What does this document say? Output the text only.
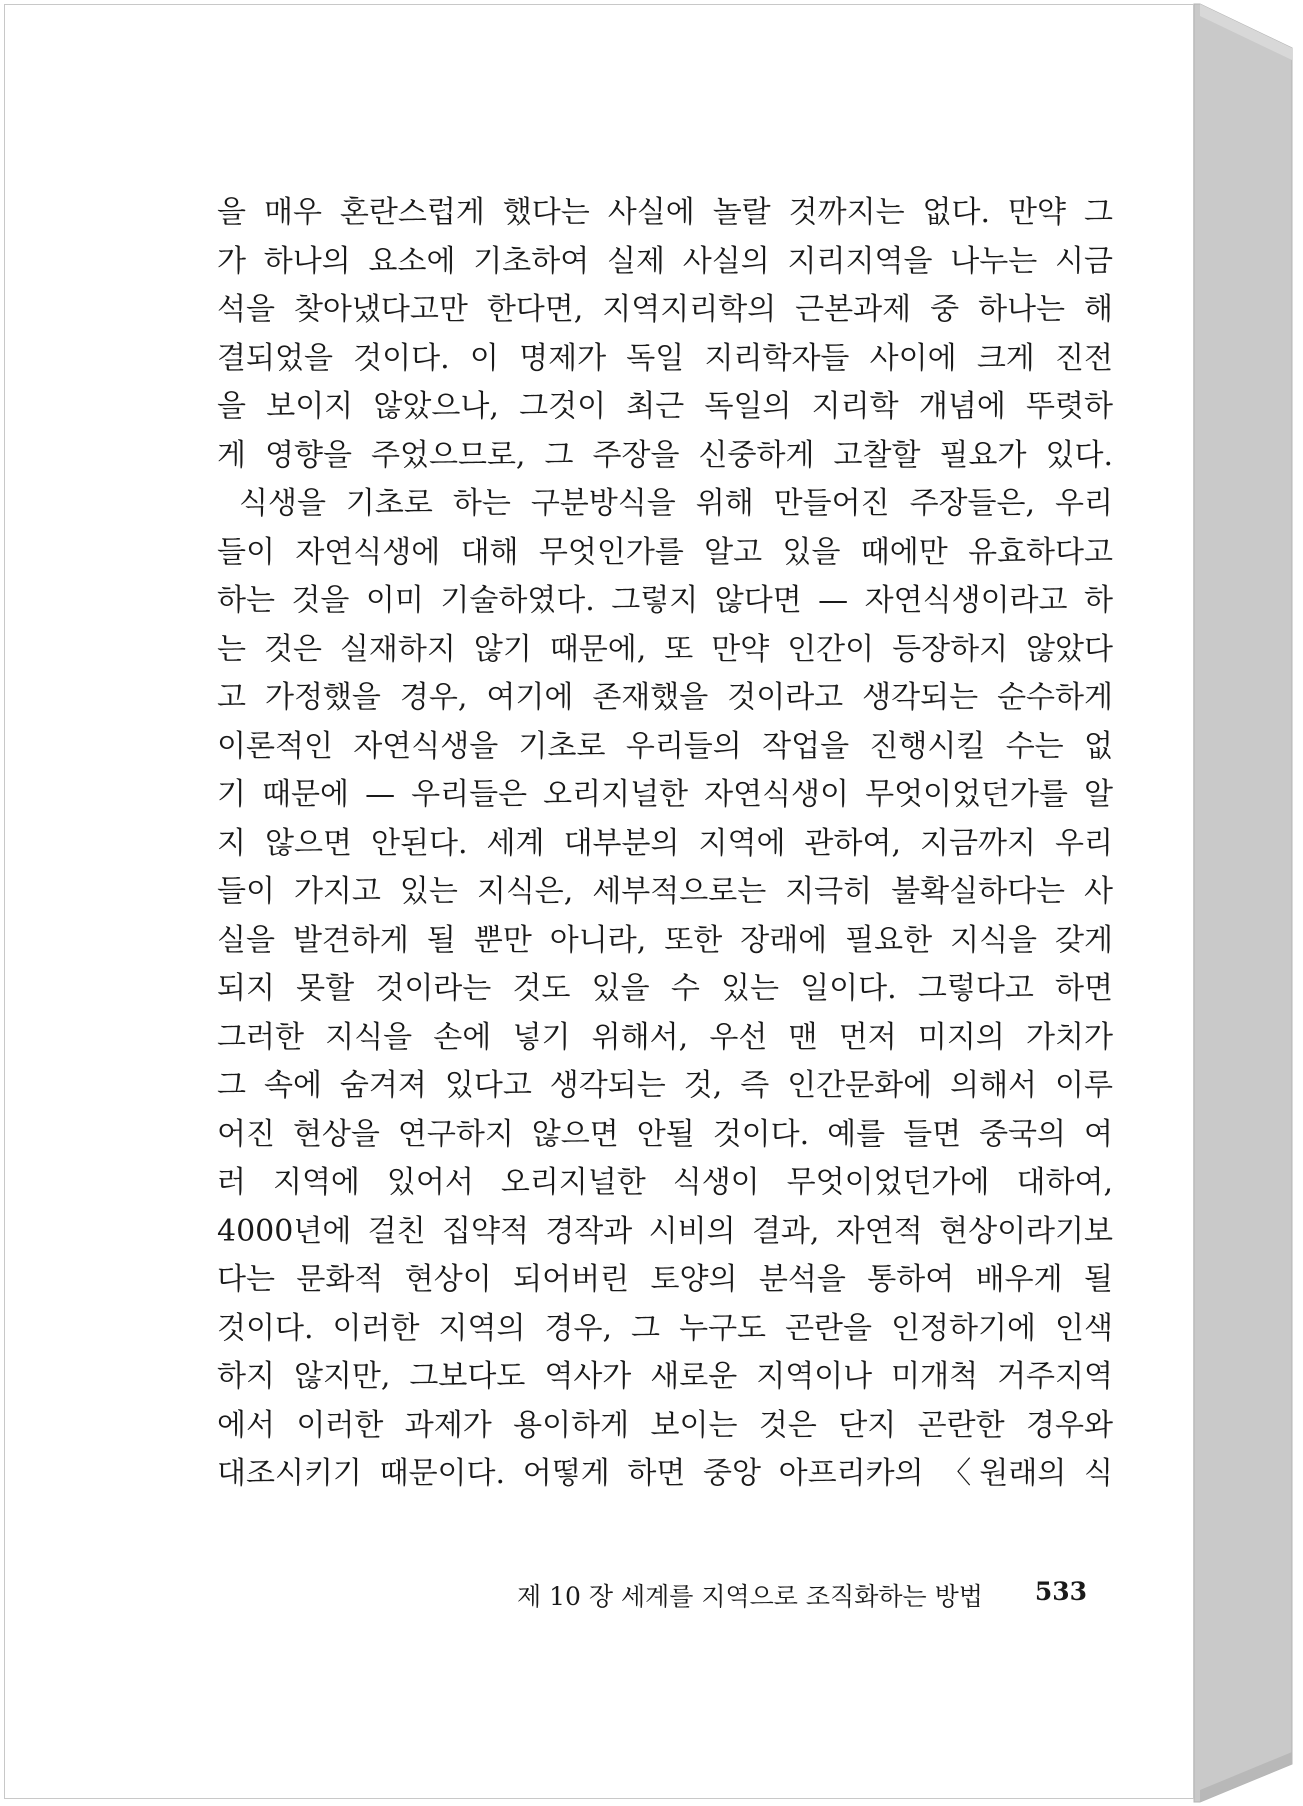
을 매우 혼란스럽게 했다는 사실에 놀랄 것까지는 없다. 만약 그
가 하나의 요소에 기초하여 실제 사실의 지리지역을 나누는 시금
석을 찾아냈다고만 한다면, 지역지리학의 근본과제 중 하나는 해
결되었을 것이다. 이 명제가 독일 지리학자들 사이에 크게 진전
을 보이지 않았으나, 그것이 최근 독일의 지리학 개념에 뚜렷하
게 영향을 주었으므로, 그 주장을 신중하게 고찰할 필요가 있다.
식생을 기초로 하는 구분방식을 위해 만들어진 주장들은, 우리
들이 자연식생에 대해 무엇인가를 알고 있을 때에만 유효하다고
하는 것을 이미 기술하였다. 그렇지 않다면 — 자연식생이라고 하
는 것은 실재하지 않기 때문에, 또 만약 인간이 등장하지 않았다
고 가정했을 경우, 여기에 존재했을 것이라고 생각되는 순수하게
이론적인 자연식생을 기초로 우리들의 작업을 진행시킬 수는 없
기 때문에 — 우리들은 오리지널한 자연식생이 무엇이었던가를 알
지 않으면 안된다. 세계 대부분의 지역에 관하여, 지금까지 우리
들이 가지고 있는 지식은, 세부적으로는 지극히 불확실하다는 사
실을 발견하게 될 뿐만 아니라, 또한 장래에 필요한 지식을 갖게
되지 못할 것이라는 것도 있을 수 있는 일이다. 그렇다고 하면
그러한 지식을 손에 넣기 위해서, 우선 맨 먼저 미지의 가치가
그 속에 숨겨져 있다고 생각되는 것, 즉 인간문화에 의해서 이루
어진 현상을 연구하지 않으면 안될 것이다. 예를 들면 중국의 여
러 지역에 있어서 오리지널한 식생이 무엇이었던가에 대하여,
4000년에 걸친 집약적 경작과 시비의 결과, 자연적 현상이라기보
다는 문화적 현상이 되어버린 토양의 분석을 통하여 배우게 될
것이다. 이러한 지역의 경우, 그 누구도 곤란을 인정하기에 인색
하지 않지만, 그보다도 역사가 새로운 지역이나 미개척 거주지역
에서 이러한 과제가 용이하게 보이는 것은 단지 곤란한 경우와
대조시키기 때문이다. 어떻게 하면 중앙 아프리카의 〈원래의 식
제 10 장 세계를 지역으로 조직화하는 방법 533
